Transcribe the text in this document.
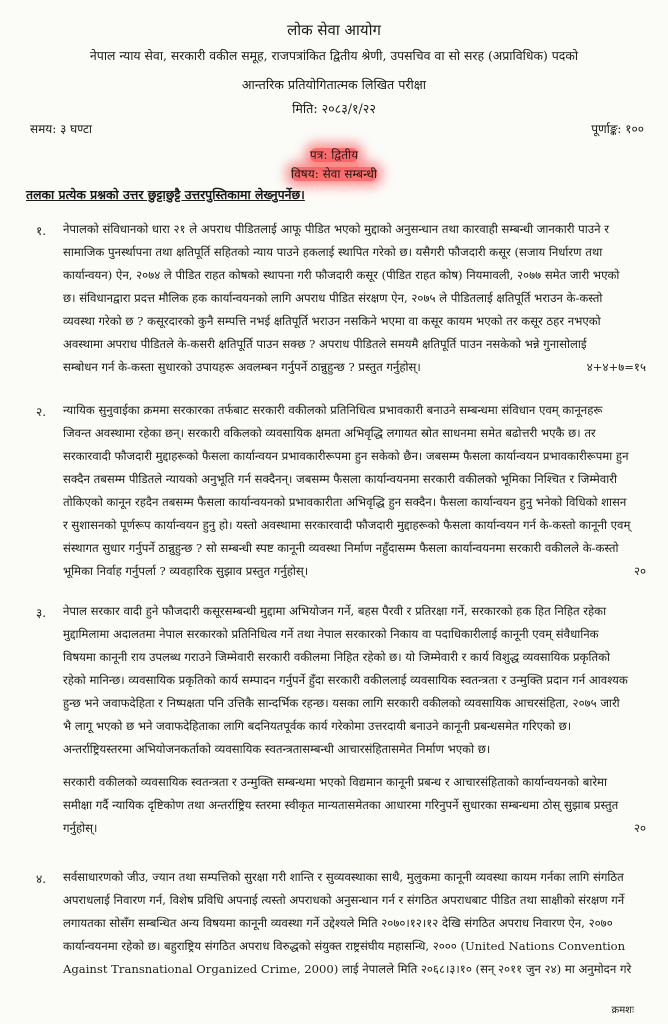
लोक सेवा आयोग
नेपाल न्याय सेवा, सरकारी वकील समूह, राजपत्रांकित द्वितीय श्रेणी, उपसचिव वा सो सरह (अप्राविधिक) पदको
आन्तरिक प्रतियोगितात्मक लिखित परीक्षा
मिति: २०८३/१/२२
समय: ३ घण्टा	पूर्णाङ्क: १००
पत्र: द्वितीय
विषय: सेवा सम्बन्धी
तलका प्रत्येक प्रश्नको उत्तर छुट्टाछुट्टै उत्तरपुस्तिकामा लेख्नुपर्नेछ।
१. नेपालको संविधानको धारा २१ ले अपराध पीडितलाई आफू पीडित भएको मुद्दाको अनुसन्धान तथा कारवाही सम्बन्धी जानकारी पाउने र
सामाजिक पुनर्स्थापना तथा क्षतिपूर्ति सहितको न्याय पाउने हकलाई स्थापित गरेको छ। यसैगरी फौजदारी कसूर (सजाय निर्धारण तथा
कार्यान्वयन) ऐन, २०७४ ले पीडित राहत कोषको स्थापना गरी फौजदारी कसूर (पीडित राहत कोष) नियमावली, २०७७ समेत जारी भएको
छ। संविधानद्वारा प्रदत्त मौलिक हक कार्यान्वयनको लागि अपराध पीडित संरक्षण ऐन, २०७५ ले पीडितलाई क्षतिपूर्ति भराउन के-कस्तो
व्यवस्था गरेको छ ? कसूरदारको कुनै सम्पत्ति नभई क्षतिपूर्ति भराउन नसकिने भएमा वा कसूर कायम भएको तर कसूर ठहर नभएको
अवस्थामा अपराध पीडितले के-कसरी क्षतिपूर्ति पाउन सक्छ ? अपराध पीडितले समयमै क्षतिपूर्ति पाउन नसकेको भन्ने गुनासोलाई
सम्बोधन गर्न के-कस्ता सुधारको उपायहरू अवलम्बन गर्नुपर्ने ठान्नुहुन्छ ? प्रस्तुत गर्नुहोस्।	४+४+७=१५
२. न्यायिक सुनुवाईका क्रममा सरकारका तर्फबाट सरकारी वकीलको प्रतिनिधित्व प्रभावकारी बनाउने सम्बन्धमा संविधान एवम् कानूनहरू
जिवन्त अवस्थामा रहेका छन्। सरकारी वकिलको व्यवसायिक क्षमता अभिवृद्धि लगायत स्रोत साधनमा समेत बढोत्तरी भएकै छ। तर
सरकारवादी फौजदारी मुद्दाहरूको फैसला कार्यान्वयन प्रभावकारीरूपमा हुन सकेको छैन। जबसम्म फैसला कार्यान्वयन प्रभावकारीरूपमा हुन
सक्दैन तबसम्म पीडितले न्यायको अनुभूति गर्न सक्दैनन्। जबसम्म फैसला कार्यान्वयनमा सरकारी वकीलको भूमिका निश्चित र जिम्मेवारी
तोकिएको कानून रहदैन तबसम्म फैसला कार्यान्वयनको प्रभावकारीता अभिवृद्धि हुन सक्दैन। फैसला कार्यान्वयन हुनु भनेको विधिको शासन
र सुशासनको पूर्णरूप कार्यान्वयन हुनु हो। यस्तो अवस्थामा सरकारवादी फौजदारी मुद्दाहरूको फैसला कार्यान्वयन गर्न के-कस्तो कानूनी एवम्
संस्थागत सुधार गर्नुपर्ने ठान्नुहुन्छ ? सो सम्बन्धी स्पष्ट कानूनी व्यवस्था निर्माण नहुँदासम्म फैसला कार्यान्वयनमा सरकारी वकीलले के-कस्तो
भूमिका निर्वाह गर्नुपर्ला ? व्यवहारिक सुझाव प्रस्तुत गर्नुहोस्।	२०
३. नेपाल सरकार वादी हुने फौजदारी कसूरसम्बन्धी मुद्दामा अभियोजन गर्ने, बहस पैरवी र प्रतिरक्षा गर्ने, सरकारको हक हित निहित रहेका
मुद्दामिलामा अदालतमा नेपाल सरकारको प्रतिनिधित्व गर्ने तथा नेपाल सरकारको निकाय वा पदाधिकारीलाई कानूनी एवम् संवैधानिक
विषयमा कानूनी राय उपलब्ध गराउने जिम्मेवारी सरकारी वकीलमा निहित रहेको छ। यो जिम्मेवारी र कार्य विशुद्ध व्यवसायिक प्रकृतिको
रहेको मानिन्छ। व्यवसायिक प्रकृतिको कार्य सम्पादन गर्नुपर्ने हुँदा सरकारी वकीललाई व्यवसायिक स्वतन्त्रता र उन्मुक्ति प्रदान गर्न आवश्यक
हुन्छ भने जवाफदेहिता र निष्पक्षता पनि उत्तिकै सान्दर्भिक रहन्छ। यसका लागि सरकारी वकीलको व्यवसायिक आचरसंहिता, २०७५ जारी
भै लागू भएको छ भने जवाफदेहिताका लागि बदनियतपूर्वक कार्य गरेकोमा उत्तरदायी बनाउने कानूनी प्रबन्धसमेत गरिएको छ।
अन्तर्राष्ट्रियस्तरमा अभियोजनकर्ताको व्यवसायिक स्वतन्त्रतासम्बन्धी आचारसंहितासमेत निर्माण भएको छ।
सरकारी वकीलको व्यवसायिक स्वतन्त्रता र उन्मुक्ति सम्बन्धमा भएको विद्यमान कानूनी प्रबन्ध र आचारसंहिताको कार्यान्वयनको बारेमा
समीक्षा गर्दै न्यायिक दृष्टिकोण तथा अन्तर्राष्ट्रिय स्तरमा स्वीकृत मान्यतासमेतका आधारमा गरिनुपर्ने सुधारका सम्बन्धमा ठोस् सुझाब प्रस्तुत
गर्नुहोस्।	२०
४. सर्वसाधारणको जीउ, ज्यान तथा सम्पत्तिको सुरक्षा गरी शान्ति र सुव्यवस्थाका साथै, मुलुकमा कानूनी व्यवस्था कायम गर्नका लागि संगठित
अपराधलाई निवारण गर्न, विशेष प्रविधि अपनाई त्यस्तो अपराधको अनुसन्धान गर्न र संगठित अपराधबाट पीडित तथा साक्षीको संरक्षण गर्ने
लगायतका सोसँग सम्बन्धित अन्य विषयमा कानूनी व्यवस्था गर्ने उद्देश्यले मिति २०७०।१२।१२ देखि संगठित अपराध निवारण ऐन, २०७०
कार्यान्वयनमा रहेको छ। बहुराष्ट्रिय संगठित अपराध विरुद्धको संयुक्त राष्ट्रसंघीय महासन्धि, २००० (United Nations Convention
Against Transnational Organized Crime, 2000) लाई नेपालले मिति २०६८।३।१० (सन् २०११ जुन २४) मा अनुमोदन गरे
क्रमशः
